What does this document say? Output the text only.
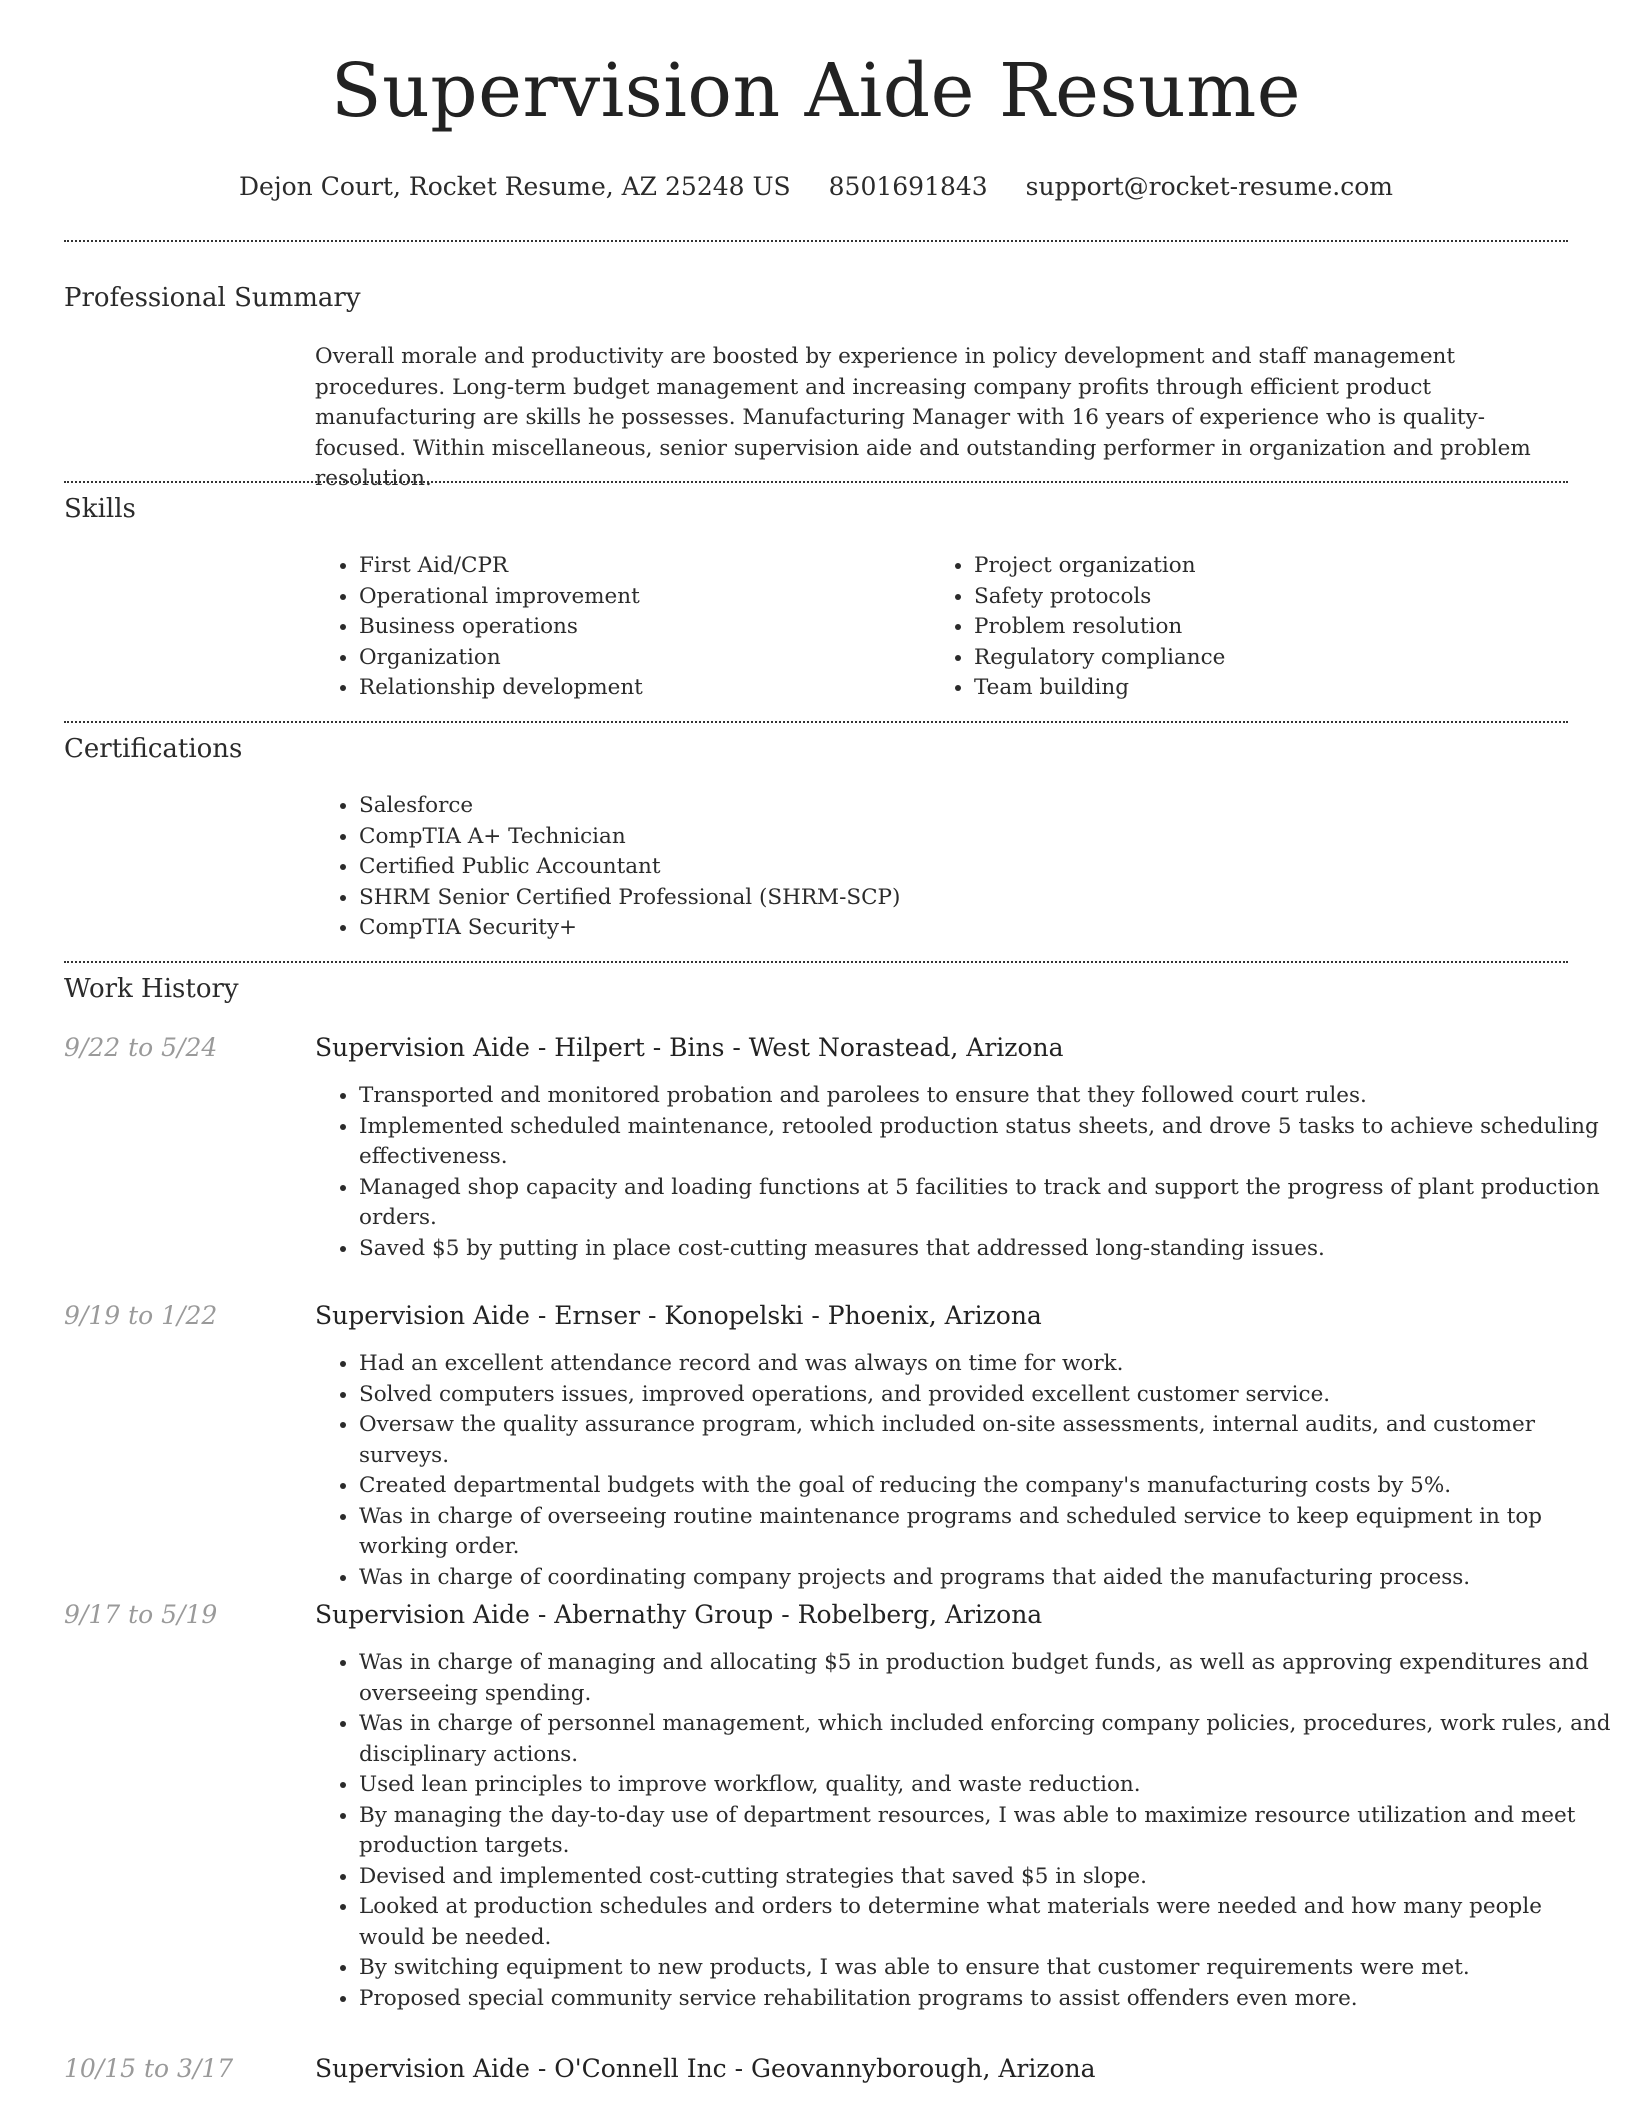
Supervision Aide Resume
Dejon Court, Rocket Resume, AZ 25248 US 8501691843 support@rocket-resume.com
Professional Summary

Overall morale and productivity are boosted by experience in policy development and staff management procedures. Long-term budget management and increasing company profits through efficient product manufacturing are skills he possesses. Manufacturing Manager with 16 years of experience who is quality-focused. Within miscellaneous, senior supervision aide and outstanding performer in organization and problem resolution.

Skills
• First Aid/CPR
• Operational improvement
• Business operations
• Organization
• Relationship development
• Project organization
• Safety protocols
• Problem resolution
• Regulatory compliance
• Team building
Certifications
• Salesforce
• CompTIA A+ Technician
• Certified Public Accountant
• SHRM Senior Certified Professional (SHRM-SCP)
• CompTIA Security+
Work History
9/22 to 5/24	Supervision Aide - Hilpert - Bins - West Norastead, Arizona
• Transported and monitored probation and parolees to ensure that they followed court rules.
• Implemented scheduled maintenance, retooled production status sheets, and drove 5 tasks to achieve scheduling effectiveness.
• Managed shop capacity and loading functions at 5 facilities to track and support the progress of plant production orders.
• Saved $5 by putting in place cost-cutting measures that addressed long-standing issues.
9/19 to 1/22	Supervision Aide - Ernser - Konopelski - Phoenix, Arizona
• Had an excellent attendance record and was always on time for work.
• Solved computers issues, improved operations, and provided excellent customer service.
• Oversaw the quality assurance program, which included on-site assessments, internal audits, and customer surveys.
• Created departmental budgets with the goal of reducing the company's manufacturing costs by 5%.
• Was in charge of overseeing routine maintenance programs and scheduled service to keep equipment in top working order.
• Was in charge of coordinating company projects and programs that aided the manufacturing process.
9/17 to 5/19	Supervision Aide - Abernathy Group - Robelberg, Arizona
• Was in charge of managing and allocating $5 in production budget funds, as well as approving expenditures and overseeing spending.
• Was in charge of personnel management, which included enforcing company policies, procedures, work rules, and disciplinary actions.
• Used lean principles to improve workflow, quality, and waste reduction.
• By managing the day-to-day use of department resources, I was able to maximize resource utilization and meet production targets.
• Devised and implemented cost-cutting strategies that saved $5 in slope.
• Looked at production schedules and orders to determine what materials were needed and how many people would be needed.
• By switching equipment to new products, I was able to ensure that customer requirements were met.
• Proposed special community service rehabilitation programs to assist offenders even more.
10/15 to 3/17	Supervision Aide - O'Connell Inc - Geovannyborough, Arizona
